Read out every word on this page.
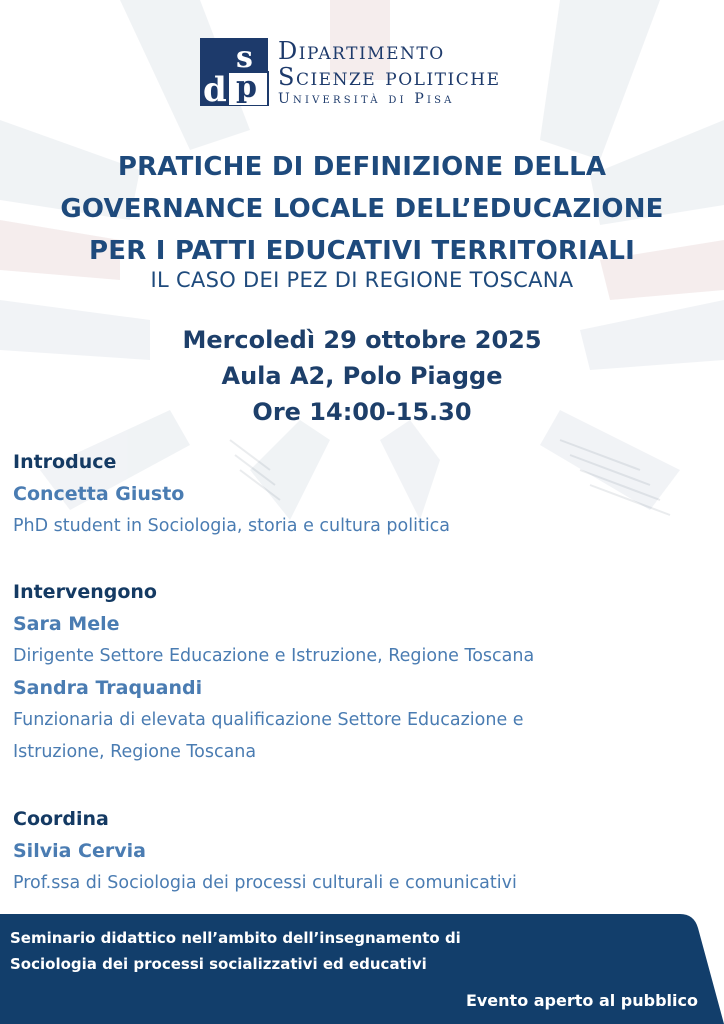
d
s
p
Dipartimento
Scienze politiche
Università di Pisa
PRATICHE DI DEFINIZIONE DELLA
GOVERNANCE LOCALE DELL’EDUCAZIONE
PER I PATTI EDUCATIVI TERRITORIALI
IL CASO DEI PEZ DI REGIONE TOSCANA
Mercoledì 29 ottobre 2025
Aula A2, Polo Piagge
Ore 14:00-15.30
Introduce
Concetta Giusto
PhD student in Sociologia, storia e cultura politica
Intervengono
Sara Mele
Dirigente Settore Educazione e Istruzione, Regione Toscana
Sandra Traquandi
Funzionaria di elevata qualificazione Settore Educazione e
Istruzione, Regione Toscana
Coordina
Silvia Cervia
Prof.ssa di Sociologia dei processi culturali e comunicativi
Seminario didattico nell’ambito dell’insegnamento di
Sociologia dei processi socializzativi ed educativi
Evento aperto al pubblico
